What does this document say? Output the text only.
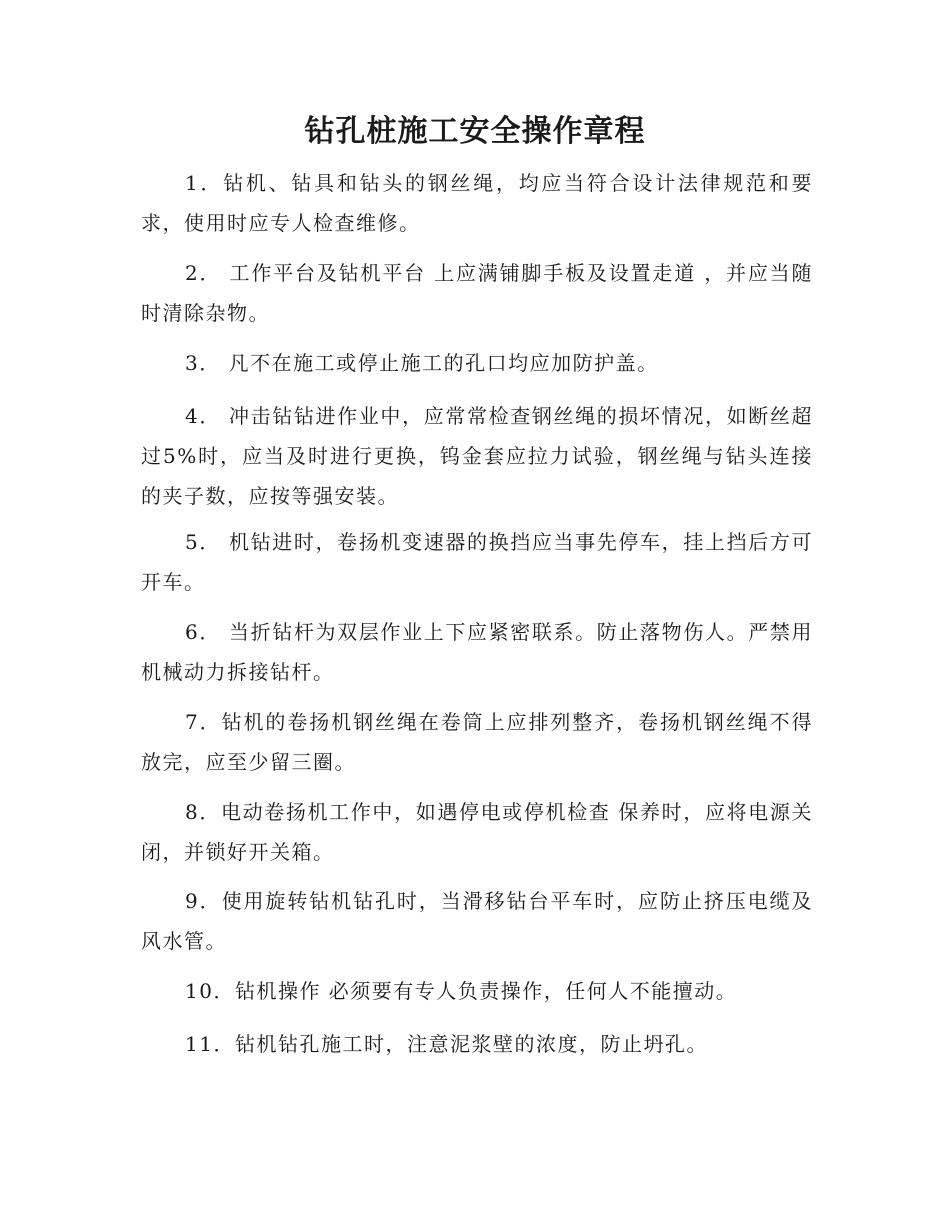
钻孔桩施工安全操作章程

1．钻机、钻具和钻头的钢丝绳，均应当符合设计法律规范和要求，使用时应专人检查维修。

2． 工作平台及钻机平台 上应满铺脚手板及设置走道 ，并应当随时清除杂物。

3． 凡不在施工或停止施工的孔口均应加防护盖。

4． 冲击钻钻进作业中，应常常检查钢丝绳的损坏情况，如断丝超过5%时，应当及时进行更换，钨金套应拉力试验，钢丝绳与钻头连接的夹子数，应按等强安装。

5． 机钻进时，卷扬机变速器的换挡应当事先停车，挂上挡后方可开车。

6． 当折钻杆为双层作业上下应紧密联系。防止落物伤人。严禁用机械动力拆接钻杆。

7．钻机的卷扬机钢丝绳在卷筒上应排列整齐，卷扬机钢丝绳不得放完，应至少留三圈。

8．电动卷扬机工作中，如遇停电或停机检查 保养时，应将电源关闭，并锁好开关箱。

9．使用旋转钻机钻孔时，当滑移钻台平车时，应防止挤压电缆及风水管。

10．钻机操作 必须要有专人负责操作，任何人不能擅动。

11．钻机钻孔施工时，注意泥浆壁的浓度，防止坍孔。
